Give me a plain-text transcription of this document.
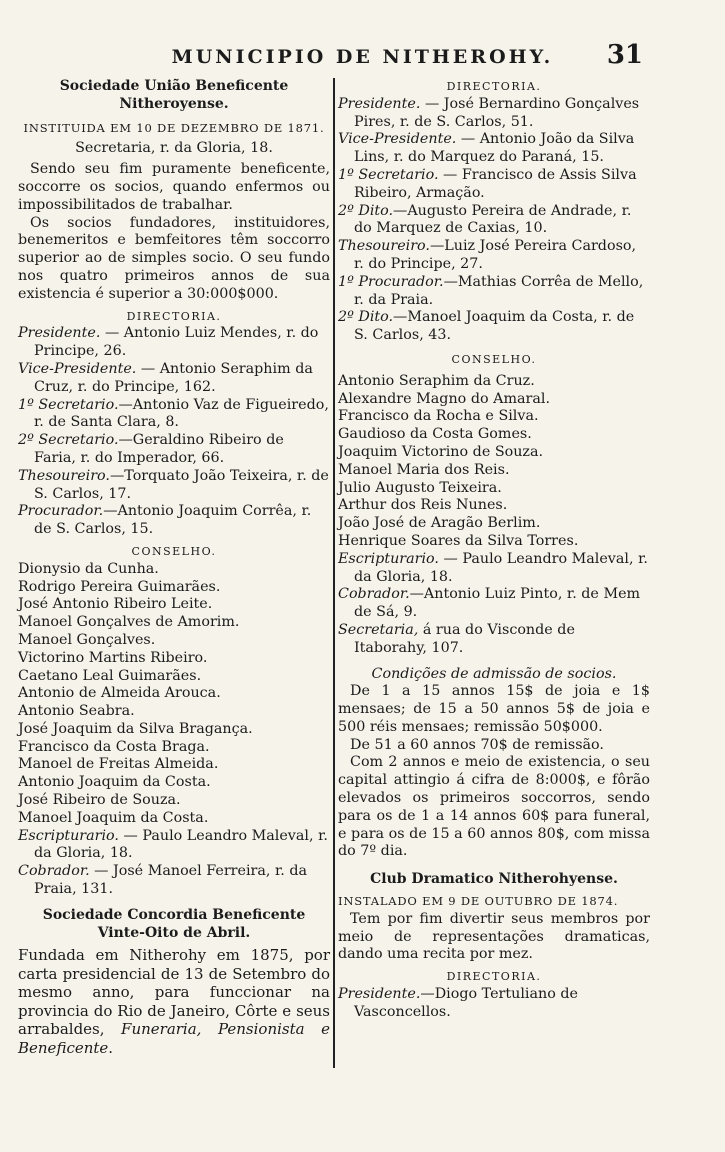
MUNICIPIO DE NITHEROHY.	31
Sociedade União Beneficente Nitheroyense.
INSTITUIDA EM 10 DE DEZEMBRO DE 1871.
Secretaria, r. da Gloria, 18.
Sendo seu fim puramente beneficente, soccorre os socios, quando enfermos ou impossibilitados de trabalhar.
Os socios fundadores, instituidores, benemeritos e bemfeitores têm soccorro superior ao de simples socio. O seu fundo nos quatro primeiros annos de sua existencia é superior a 30:000$000.
DIRECTORIA.
Presidente. — Antonio Luiz Mendes, r. do Principe, 26.
Vice-Presidente. — Antonio Seraphim da Cruz, r. do Principe, 162.
1º Secretario.—Antonio Vaz de Figueiredo, r. de Santa Clara, 8.
2º Secretario.—Geraldino Ribeiro de Faria, r. do Imperador, 66.
Thesoureiro.—Torquato João Teixeira, r. de S. Carlos, 17.
Procurador.—Antonio Joaquim Corrêa, r. de S. Carlos, 15.
CONSELHO.
Dionysio da Cunha.
Rodrigo Pereira Guimarães.
José Antonio Ribeiro Leite.
Manoel Gonçalves de Amorim.
Manoel Gonçalves.
Victorino Martins Ribeiro.
Caetano Leal Guimarães.
Antonio de Almeida Arouca.
Antonio Seabra.
José Joaquim da Silva Bragança.
Francisco da Costa Braga.
Manoel de Freitas Almeida.
Antonio Joaquim da Costa.
José Ribeiro de Souza.
Manoel Joaquim da Costa.
Escripturario. — Paulo Leandro Maleval, r. da Gloria, 18.
Cobrador. — José Manoel Ferreira, r. da Praia, 131.
Sociedade Concordia Beneficente
Vinte-Oito de Abril.
Fundada em Nitherohy em 1875, por carta presidencial de 13 de Setembro do mesmo anno, para funccionar na provincia do Rio de Janeiro, Côrte e seus arrabaldes, Funeraria, Pensionista e Beneficente.
DIRECTORIA.
Presidente. — José Bernardino Gonçalves Pires, r. de S. Carlos, 51.
Vice-Presidente. — Antonio João da Silva Lins, r. do Marquez do Paraná, 15.
1º Secretario. — Francisco de Assis Silva Ribeiro, Armação.
2º Dito.—Augusto Pereira de Andrade, r. do Marquez de Caxias, 10.
Thesoureiro.—Luiz José Pereira Cardoso, r. do Principe, 27.
1º Procurador.—Mathias Corrêa de Mello, r. da Praia.
2º Dito.—Manoel Joaquim da Costa, r. de S. Carlos, 43.
CONSELHO.
Antonio Seraphim da Cruz.
Alexandre Magno do Amaral.
Francisco da Rocha e Silva.
Gaudioso da Costa Gomes.
Joaquim Victorino de Souza.
Manoel Maria dos Reis.
Julio Augusto Teixeira.
Arthur dos Reis Nunes.
João José de Aragão Berlim.
Henrique Soares da Silva Torres.
Escripturario. — Paulo Leandro Maleval, r. da Gloria, 18.
Cobrador.—Antonio Luiz Pinto, r. de Mem de Sá, 9.
Secretaria, á rua do Visconde de Itaborahy, 107.
Condições de admissão de socios.
De 1 a 15 annos 15$ de joia e 1$ mensaes; de 15 a 50 annos 5$ de joia e 500 réis mensaes; remissão 50$000.
De 51 a 60 annos 70$ de remissão.
Com 2 annos e meio de existencia, o seu capital attingio á cifra de 8:000$, e fôrão elevados os primeiros soccorros, sendo para os de 1 a 14 annos 60$ para funeral, e para os de 15 a 60 annos 80$, com missa do 7º dia.
Club Dramatico Nitherohyense.
INSTALADO EM 9 DE OUTUBRO DE 1874.
Tem por fim divertir seus membros por meio de representações dramaticas, dando uma recita por mez.
DIRECTORIA.
Presidente.—Diogo Tertuliano de Vasconcellos.
